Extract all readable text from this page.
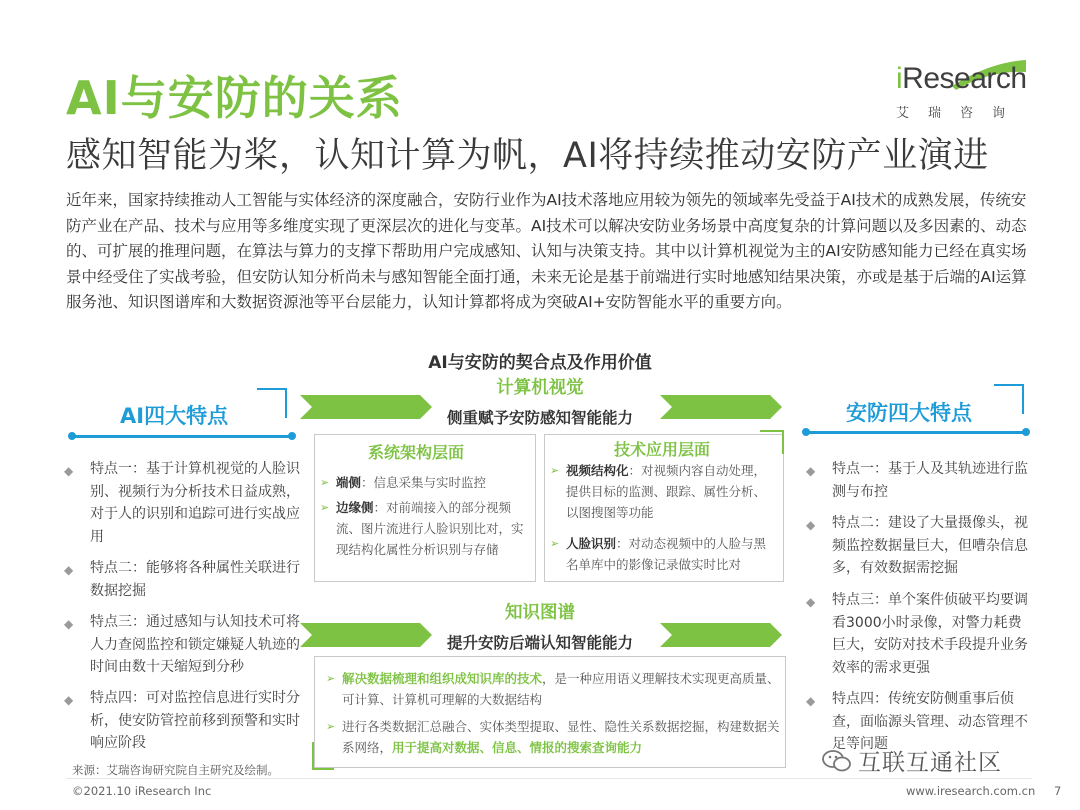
AI与安防的关系
感知智能为桨，认知计算为帆，AI将持续推动安防产业演进
iResearch
艾瑞咨询
近年来，国家持续推动人工智能与实体经济的深度融合，安防行业作为AI技术落地应用较为领先的领域率先受益于AI技术的成熟发展，传统安防产业在产品、技术与应用等多维度实现了更深层次的进化与变革。AI技术可以解决安防业务场景中高度复杂的计算问题以及多因素的、动态的、可扩展的推理问题，在算法与算力的支撑下帮助用户完成感知、认知与决策支持。其中以计算机视觉为主的AI安防感知能力已经在真实场景中经受住了实战考验，但安防认知分析尚未与感知智能全面打通，未来无论是基于前端进行实时地感知结果决策，亦或是基于后端的AI运算服务池、知识图谱库和大数据资源池等平台层能力，认知计算都将成为突破AI+安防智能水平的重要方向。
AI与安防的契合点及作用价值
AI四大特点	安防四大特点
◆ 特点一：基于计算机视觉的人脸识别、视频行为分析技术日益成熟，对于人的识别和追踪可进行实战应用
◆ 特点二：能够将各种属性关联进行数据挖掘
◆ 特点三：通过感知与认知技术可将人力查阅监控和锁定嫌疑人轨迹的时间由数十天缩短到分秒
◆ 特点四：可对监控信息进行实时分析，使安防管控前移到预警和实时响应阶段
◆ 特点一：基于人及其轨迹进行监测与布控
◆ 特点二：建设了大量摄像头，视频监控数据量巨大，但嘈杂信息多，有效数据需挖掘
◆ 特点三：单个案件侦破平均要调看3000小时录像，对警力耗费巨大，安防对技术手段提升业务效率的需求更强
◆ 特点四：传统安防侧重事后侦查，面临源头管理、动态管理不足等问题
计算机视觉
侧重赋予安防感知智能能力
系统架构层面
➢ 端侧：信息采集与实时监控
➢ 边缘侧：对前端接入的部分视频流、图片流进行人脸识别比对，实现结构化属性分析识别与存储
技术应用层面
➢ 视频结构化：对视频内容自动处理，提供目标的监测、跟踪、属性分析、以图搜图等功能
➢ 人脸识别：对动态视频中的人脸与黑名单库中的影像记录做实时比对
知识图谱
提升安防后端认知智能能力
➢ 解决数据梳理和组织成知识库的技术，是一种应用语义理解技术实现更高质量、可计算、计算机可理解的大数据结构
➢ 进行各类数据汇总融合、实体类型提取、显性、隐性关系数据挖掘，构建数据关系网络，用于提高对数据、信息、情报的搜索查询能力
来源：艾瑞咨询研究院自主研究及绘制。
©2021.10 iResearch Inc	www.iresearch.com.cn 7
互联互通社区
